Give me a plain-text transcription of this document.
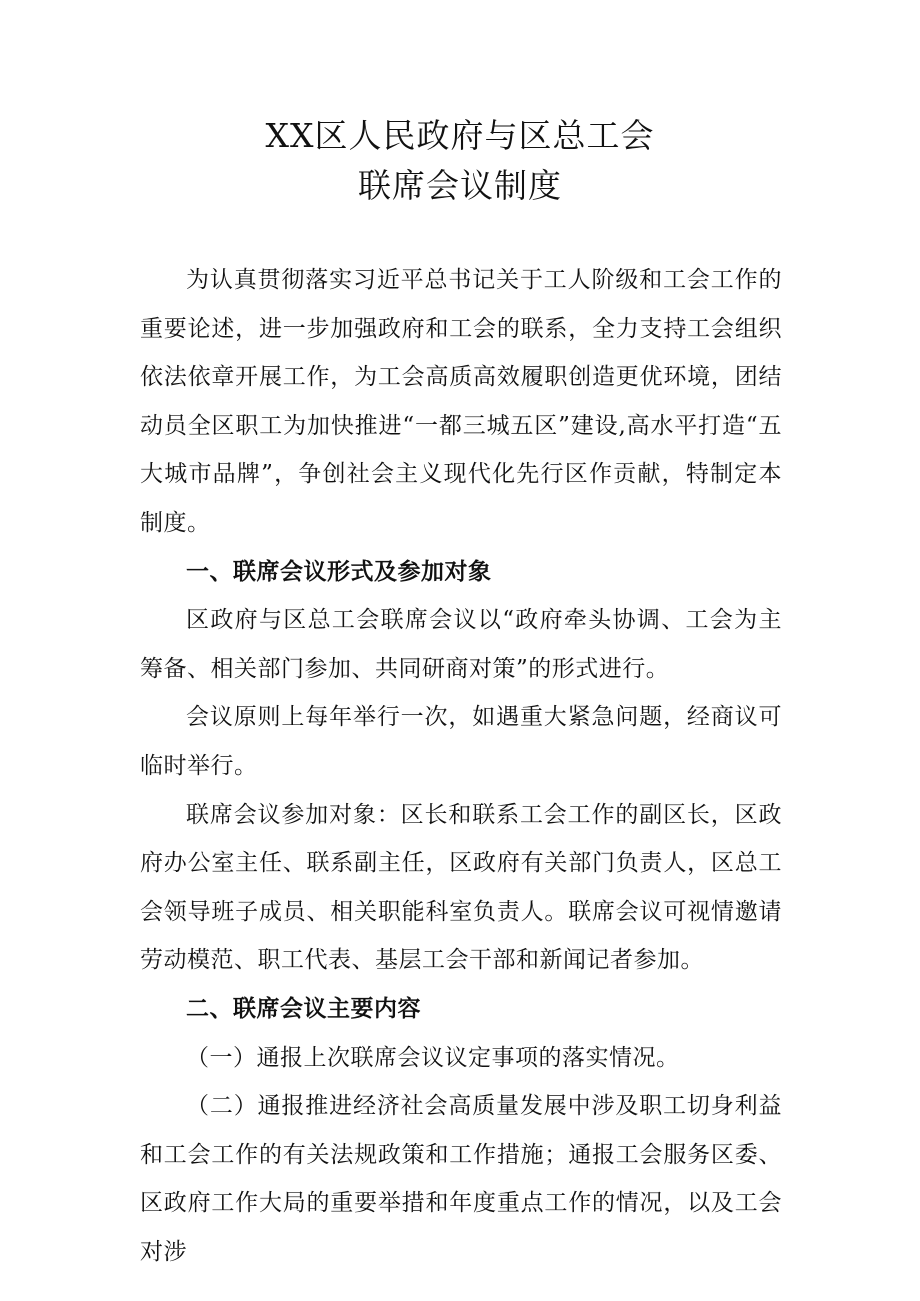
XX区人民政府与区总工会
联席会议制度

为认真贯彻落实习近平总书记关于工人阶级和工会工作的重要论述，进一步加强政府和工会的联系，全力支持工会组织依法依章开展工作，为工会高质高效履职创造更优环境，团结动员全区职工为加快推进“一都三城五区”建设,高水平打造“五大城市品牌”，争创社会主义现代化先行区作贡献，特制定本制度。

一、联席会议形式及参加对象

区政府与区总工会联席会议以“政府牵头协调、工会为主筹备、相关部门参加、共同研商对策”的形式进行。

会议原则上每年举行一次，如遇重大紧急问题，经商议可临时举行。

联席会议参加对象：区长和联系工会工作的副区长，区政府办公室主任、联系副主任，区政府有关部门负责人，区总工会领导班子成员、相关职能科室负责人。联席会议可视情邀请劳动模范、职工代表、基层工会干部和新闻记者参加。

二、联席会议主要内容

（一）通报上次联席会议议定事项的落实情况。

（二）通报推进经济社会高质量发展中涉及职工切身利益和工会工作的有关法规政策和工作措施；通报工会服务区委、区政府工作大局的重要举措和年度重点工作的情况，以及工会对涉
